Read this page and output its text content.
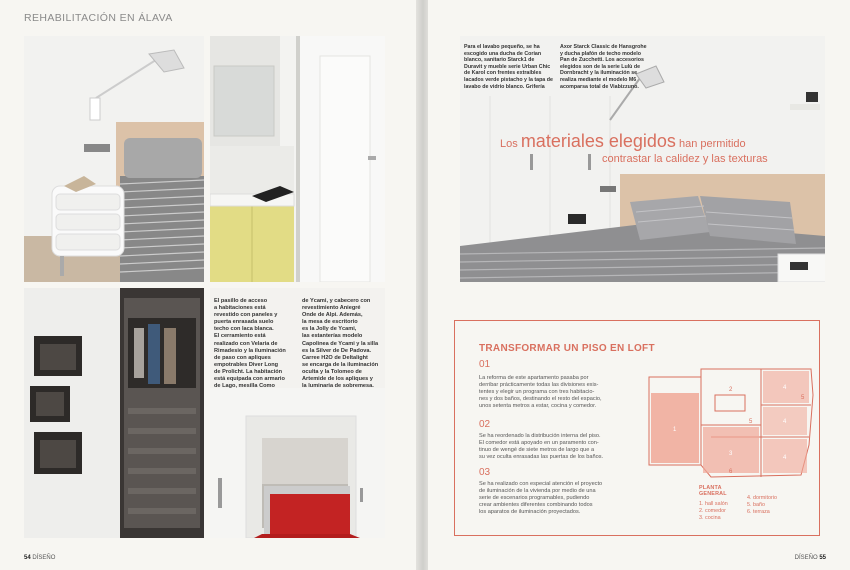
REHABILITACIÓN EN ÁLAVA
El pasillo de acceso
a habitaciones está
revestido con paneles y
puerta enrasada suelo
techo con laca blanca.
El cerramiento está
realizado con Velaria de
Rimadesio y la iluminación
de paso con apliques
empotrables Diver Long
de Prolicht. La habitación
está equipada con armario
de Lago, mesilla Como
de Ycami, y cabecero con
revestimiento Aniegré
Onde de Alpi. Además,
la mesa de escritorio
es la Jolly de Ycami,
las estanterías modelo
Capolinea de Ycami y la silla
es la Silver de De Padova.
Carree H2O de Deltalight
se encarga de la iluminación
oculta y la Tolomeo de
Artemide de los apliques y
la luminaria de sobremesa.
54 DÍSEÑO
Para el lavabo pequeño, se ha
escogido una ducha de Corian
blanco, sanitario Starck1 de
Duravit y mueble serie Urban Chic
de Karol con frentes extraíbles
lacados verde pistacho y la tapa de
lavabo de vidrio blanco. Grifería
Axor Starck Classic de Hansgrohe
y ducha plafón de techo modelo
Pan de Zucchetti. Los accesorios
elegidos son de la serie Lulù de
Dornbracht y la iluminación se
realiza mediante el modelo M6
acomparsa total de Viabizzuno.
Los materiales elegidos han permitido
contrastar la calidez y las texturas
TRANSFORMAR UN PISO EN LOFT
01
La reforma de este apartamento pasaba por
derribar prácticamente todas las divisiones exis-
tentes y elegir un programa con tres habitacio-
nes y dos baños, destinando el resto del espacio,
unos setenta metros a estar, cocina y comedor.
02
Se ha reordenado la distribución interna del piso.
El comedor está apoyado en un paramento con-
tinuo de wengé de siete metros de largo que a
su vez oculta enrasadas las puertas de los baños.
03
Se ha realizado con especial atención el proyecto
de iluminación de la vivienda por medio de una
serie de escenarios programables, pudiendo
crear ambientes diferentes combinando todos
los aparatos de iluminación proyectados.
1
2
3
4
4
4
5
5
6
PLANTA
GENERAL
1. hall salón
2. comedor
3. cocina
4. dormitorio
5. baño
6. terraza
DÍSEÑO 55
